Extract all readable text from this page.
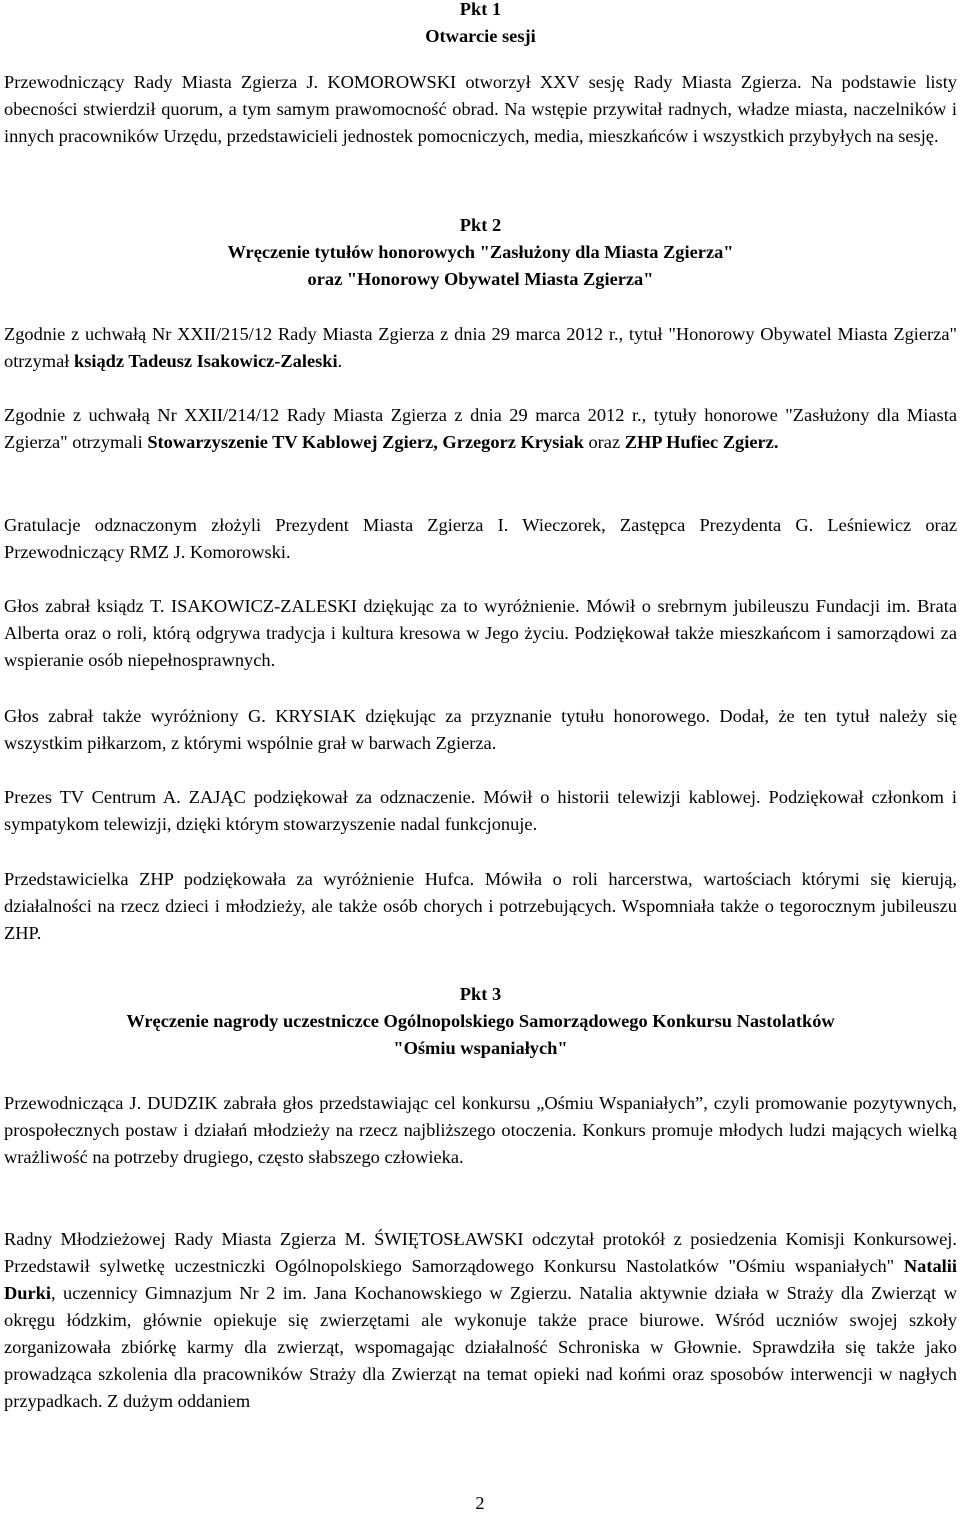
Pkt 1
Otwarcie sesji

Przewodniczący Rady Miasta Zgierza J. KOMOROWSKI otworzył XXV sesję Rady Miasta Zgierza. Na podstawie listy obecności stwierdził quorum, a tym samym prawomocność obrad. Na wstępie przywitał radnych, władze miasta, naczelników i innych pracowników Urzędu, przedstawicieli jednostek pomocniczych, media, mieszkańców i wszystkich przybyłych na sesję.

Pkt 2
Wręczenie tytułów honorowych "Zasłużony dla Miasta Zgierza"
oraz "Honorowy Obywatel Miasta Zgierza"

Zgodnie z uchwałą Nr XXII/215/12 Rady Miasta Zgierza z dnia 29 marca 2012 r., tytuł "Honorowy Obywatel Miasta Zgierza" otrzymał ksiądz Tadeusz Isakowicz-Zaleski.

Zgodnie z uchwałą Nr XXII/214/12 Rady Miasta Zgierza z dnia 29 marca 2012 r., tytuły honorowe "Zasłużony dla Miasta Zgierza" otrzymali Stowarzyszenie TV Kablowej Zgierz, Grzegorz Krysiak oraz ZHP Hufiec Zgierz.

Gratulacje odznaczonym złożyli Prezydent Miasta Zgierza I. Wieczorek, Zastępca Prezydenta G. Leśniewicz oraz Przewodniczący RMZ J. Komorowski.

Głos zabrał ksiądz T. ISAKOWICZ-ZALESKI dziękując za to wyróżnienie. Mówił o srebrnym jubileuszu Fundacji im. Brata Alberta oraz o roli, którą odgrywa tradycja i kultura kresowa w Jego życiu. Podziękował także mieszkańcom i samorządowi za wspieranie osób niepełnosprawnych.

Głos zabrał także wyróżniony G. KRYSIAK dziękując za przyznanie tytułu honorowego. Dodał, że ten tytuł należy się wszystkim piłkarzom, z którymi wspólnie grał w barwach Zgierza.

Prezes TV Centrum A. ZAJĄC podziękował za odznaczenie. Mówił o historii telewizji kablowej. Podziękował członkom i sympatykom telewizji, dzięki którym stowarzyszenie nadal funkcjonuje.

Przedstawicielka ZHP podziękowała za wyróżnienie Hufca. Mówiła o roli harcerstwa, wartościach którymi się kierują, działalności na rzecz dzieci i młodzieży, ale także osób chorych i potrzebujących. Wspomniała także o tegorocznym jubileuszu ZHP.

Pkt 3
Wręczenie nagrody uczestniczce Ogólnopolskiego Samorządowego Konkursu Nastolatków
"Ośmiu wspaniałych"

Przewodnicząca J. DUDZIK zabrała głos przedstawiając cel konkursu „Ośmiu Wspaniałych”, czyli promowanie pozytywnych, prospołecznych postaw i działań młodzieży na rzecz najbliższego otoczenia. Konkurs promuje młodych ludzi mających wielką wrażliwość na potrzeby drugiego, często słabszego człowieka.

Radny Młodzieżowej Rady Miasta Zgierza M. ŚWIĘTOSŁAWSKI odczytał protokół z posiedzenia Komisji Konkursowej. Przedstawił sylwetkę uczestniczki Ogólnopolskiego Samorządowego Konkursu Nastolatków "Ośmiu wspaniałych" Natalii Durki, uczennicy Gimnazjum Nr 2 im. Jana Kochanowskiego w Zgierzu. Natalia aktywnie działa w Straży dla Zwierząt w okręgu łódzkim, głównie opiekuje się zwierzętami ale wykonuje także prace biurowe. Wśród uczniów swojej szkoły zorganizowała zbiórkę karmy dla zwierząt, wspomagając działalność Schroniska w Głownie. Sprawdziła się także jako prowadząca szkolenia dla pracowników Straży dla Zwierząt na temat opieki nad końmi oraz sposobów interwencji w nagłych przypadkach. Z dużym oddaniem

2
